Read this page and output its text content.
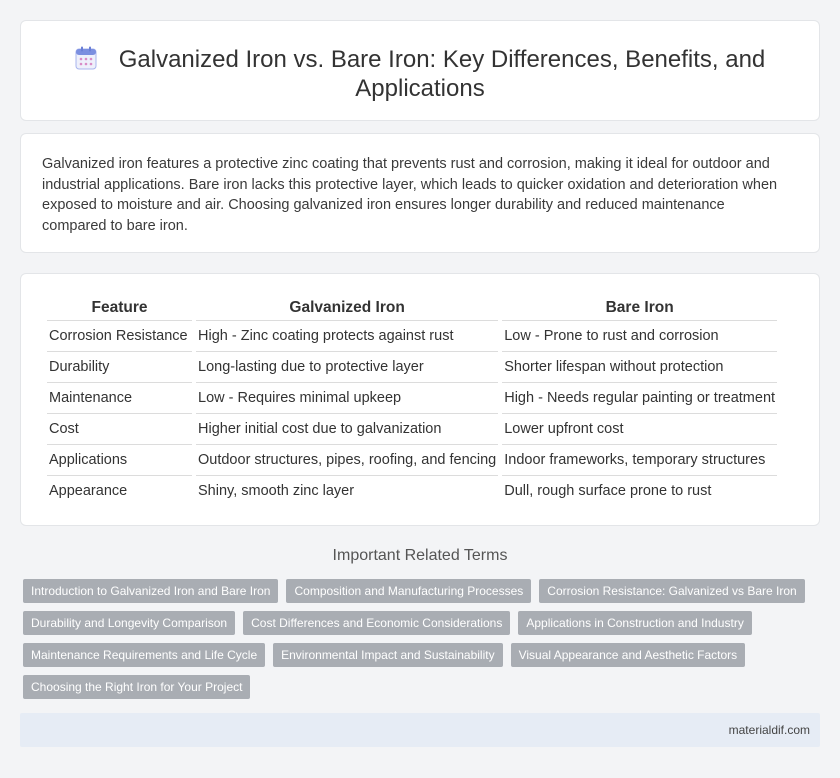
Galvanized Iron vs. Bare Iron: Key Differences, Benefits, and Applications

Galvanized iron features a protective zinc coating that prevents rust and corrosion, making it ideal for outdoor and industrial applications. Bare iron lacks this protective layer, which leads to quicker oxidation and deterioration when exposed to moisture and air. Choosing galvanized iron ensures longer durability and reduced maintenance compared to bare iron.

Feature	Galvanized Iron	Bare Iron
Corrosion Resistance	High - Zinc coating protects against rust	Low - Prone to rust and corrosion
Durability	Long-lasting due to protective layer	Shorter lifespan without protection
Maintenance	Low - Requires minimal upkeep	High - Needs regular painting or treatment
Cost	Higher initial cost due to galvanization	Lower upfront cost
Applications	Outdoor structures, pipes, roofing, and fencing	Indoor frameworks, temporary structures
Appearance	Shiny, smooth zinc layer	Dull, rough surface prone to rust
Important Related Terms
Introduction to Galvanized Iron and Bare Iron	Composition and Manufacturing Processes	Corrosion Resistance: Galvanized vs Bare Iron
Durability and Longevity Comparison	Cost Differences and Economic Considerations	Applications in Construction and Industry
Maintenance Requirements and Life Cycle	Environmental Impact and Sustainability	Visual Appearance and Aesthetic Factors
Choosing the Right Iron for Your Project
materialdif.com
